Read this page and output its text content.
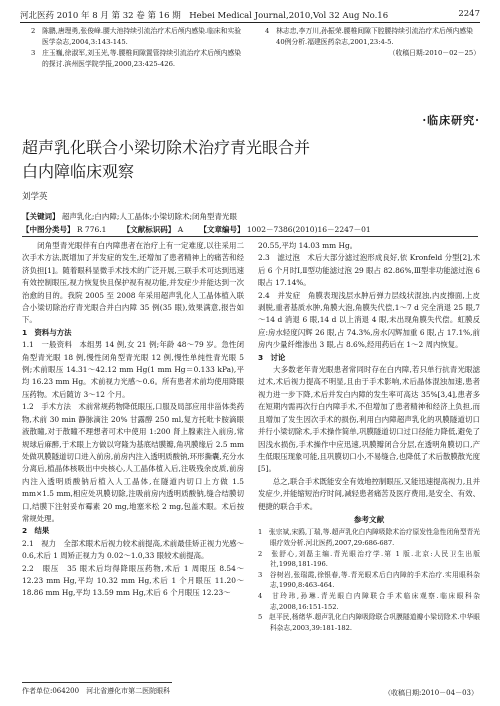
河北医药 2010 年 8 月 第 32 卷 第 16 期　Hebei Medical Journal,2010,Vol 32 Aug No.16	2247
2　陈鹏,唐理勇,张俊峰.腰大池持续引流治疗术后颅内感染.临床和实验医学杂志,2004,3:143-145.
3　庄玉巍,徐淑军,刘玉光,等.腰椎间隙置管持续引流治疗术后颅内感染的探讨.滨州医学院学报,2000,23:425-426.
4　林志忠,李万川,孙振荣.腰椎间隙下腔腰持续引流治疗术后颅内感染40例分析.福建医药杂志,2001,23:4-5.
（收稿日期:2010－02－25）
·临床研究·
超声乳化联合小梁切除术治疗青光眼合并
白内障临床观察
刘学英
【关键词】 超声乳化;白内障;人工晶体;小梁切除术;闭角型青光眼
【中图分类号】 R 776.1 【文献标识码】 A 【文章编号】 1002－7386(2010)16－2247－01

　　闭角型青光眼伴有白内障患者在治疗上有一定难度,以往采用二次手术方法,既增加了并发症的发生,还增加了患者精神上的痛苦和经济负担[1]。随着眼科显微手术技术的广泛开展,三联手术可达到迅速有效控制眼压,视力恢复快且保护视有视功能,并发症少并能达到一次治愈的目的。我院 2005 至 2008 年采用超声乳化人工晶体植入联合小梁切除治疗青光眼合并白内障 35 例(35 眼),效果满意,报告如下。

1　资料与方法

1.1　一般资料　本组男 14 例,女 21 例;年龄 48～79 岁。急性闭角型青光眼 18 例,慢性闭角型青光眼 12 例,慢性单纯性青光眼 5 例;术前眼压 14.31～42.12 mm Hg(1 mm Hg＝0.133 kPa),平均 16.23 mm Hg。术前视力光感～0.6。所有患者术前均使用降眼压药物。术后随访 3～12 个月。

1.2　手术方法　术前常规药物降低眼压,口服及局部应用非甾体类药物,术前 30 min 静脉滴注 20% 甘露醇 250 ml,复方托吡卡胺滴眼液散瞳,对于散瞳不理想者可术中使用 1:200 肾上腺素注入前房,常规球后麻醉,于术眼上方做以穹隆为基底结膜瓣,角巩膜缘后 2.5 mm 处做巩膜隧道切口进入前房,前房内注入透明质酸钠,环形撕囊,充分水分离后,植晶体核吸出中央核心,人工晶体植入后,注吸残余皮质,前房内注入透明质酸钠后植入人工晶体,在隧道内切口上方做 1.5 mm×1.5 mm,相应处巩膜切除,注吸前房内透明质酸钠,缝合结膜切口,结膜下注射妥布霉素 20 mg,地塞米松 2 mg,包盖术眼。术后按常规处理。

2　结果

2.1　视力　全部术眼术后视力较术前提高,术前最佳矫正视力光感～0.6,术后 1 周矫正视力为 0.02～1.0,33 眼较术前提高。

2.2　眼压　35 眼术后均得降眼压药物,术后 1 周眼压 8.54～12.23 mm Hg,平均 10.32 mm Hg,术后 1 个月眼压 11.20～18.86 mm Hg,平均 13.59 mm Hg,术后 6 个月眼压 12.23～

20.55,平均 14.03 mm Hg。

2.3　滤过泡　术后大部分滤过泡形成良好,依 Kronfeld 分型[2],术后 6 个月时Ⅰ,Ⅱ型功能滤过泡 29 眼占 82.86%,Ⅲ型非功能滤过泡 6 眼占 17.14%。

2.4　并发症　角膜表现浅层水肿后弹力层线状混浊,内皮擦面,上皮剥脱,重者基质水肿,角膜大泡,角膜失代偿,1～7 d 完全消退 25 眼,7～14 d 消退 6 眼,14 d 以上消退 4 眼,未出现角膜失代偿。虹膜反应:房水轻度闪辉 26 眼,占 74.3%,房水闪辉加重 6 眼,占 17.1%,前房内少量纤维渗出 3 眼,占 8.6%,经用药后在 1～2 周内恢复。

3　讨论

　　大多数老年青光眼患者常同时存在白内障,若只单行抗青光眼滤过术,术后视力提高不明显,且由于手术影响,术后晶体混浊加速,患者视力进一步下降,术后并发白内障的发生率可高达 35%[3,4],患者多在短期内需再次行白内障手术,不但增加了患者精神和经济上负担,而且增加了发生因次手术的损伤,利用白内障超声乳化的巩膜隧道切口并行小梁切除术,手术操作简单,巩膜隧道切口过口径能力降低,避免了因浅水损伤,手术操作中应迅速,巩膜瓣闭合分层,在透明角膜切口,产生低眼压现象可能,且巩膜切口小,不易缝合,也降低了术后散膜散光度[5]。

　　总之,联合手术既能安全有效地控制眼压,又能迅速提高视力,且并发症少,并能缩短治疗时间,减轻患者痛苦及医疗费用,是安全、有效、便捷的联合手术。

参考文献
1　张宗斌,宋鸥,丁瑞,等.超声乳化白内障吸除术治疗原发性急性闭角型青光眼疗效分析.河北医药,2007,29:686-687.
2　张舒心,刘磊主编.青光眼治疗学.第 1 版.北京:人民卫生出版社,1998,181-196.
3　谷树岩,张瑞霞,徐银春,等.青光眼术后白内障的手术治疗.实用眼科杂志,1990,8:463-464.
4　甘玲玮,孙琳.青光眼白内障联合手术临床观察.临床眼科杂志,2008,16:151-152.
5　赵平民,杨绪华.超声乳化白内障吸除联合巩膜隧道瓣小梁切除术.中华眼科杂志,2003,39:181-182.
（收稿日期:2010－04－03）
作者单位:064200　河北省遵化市第二医院眼科
